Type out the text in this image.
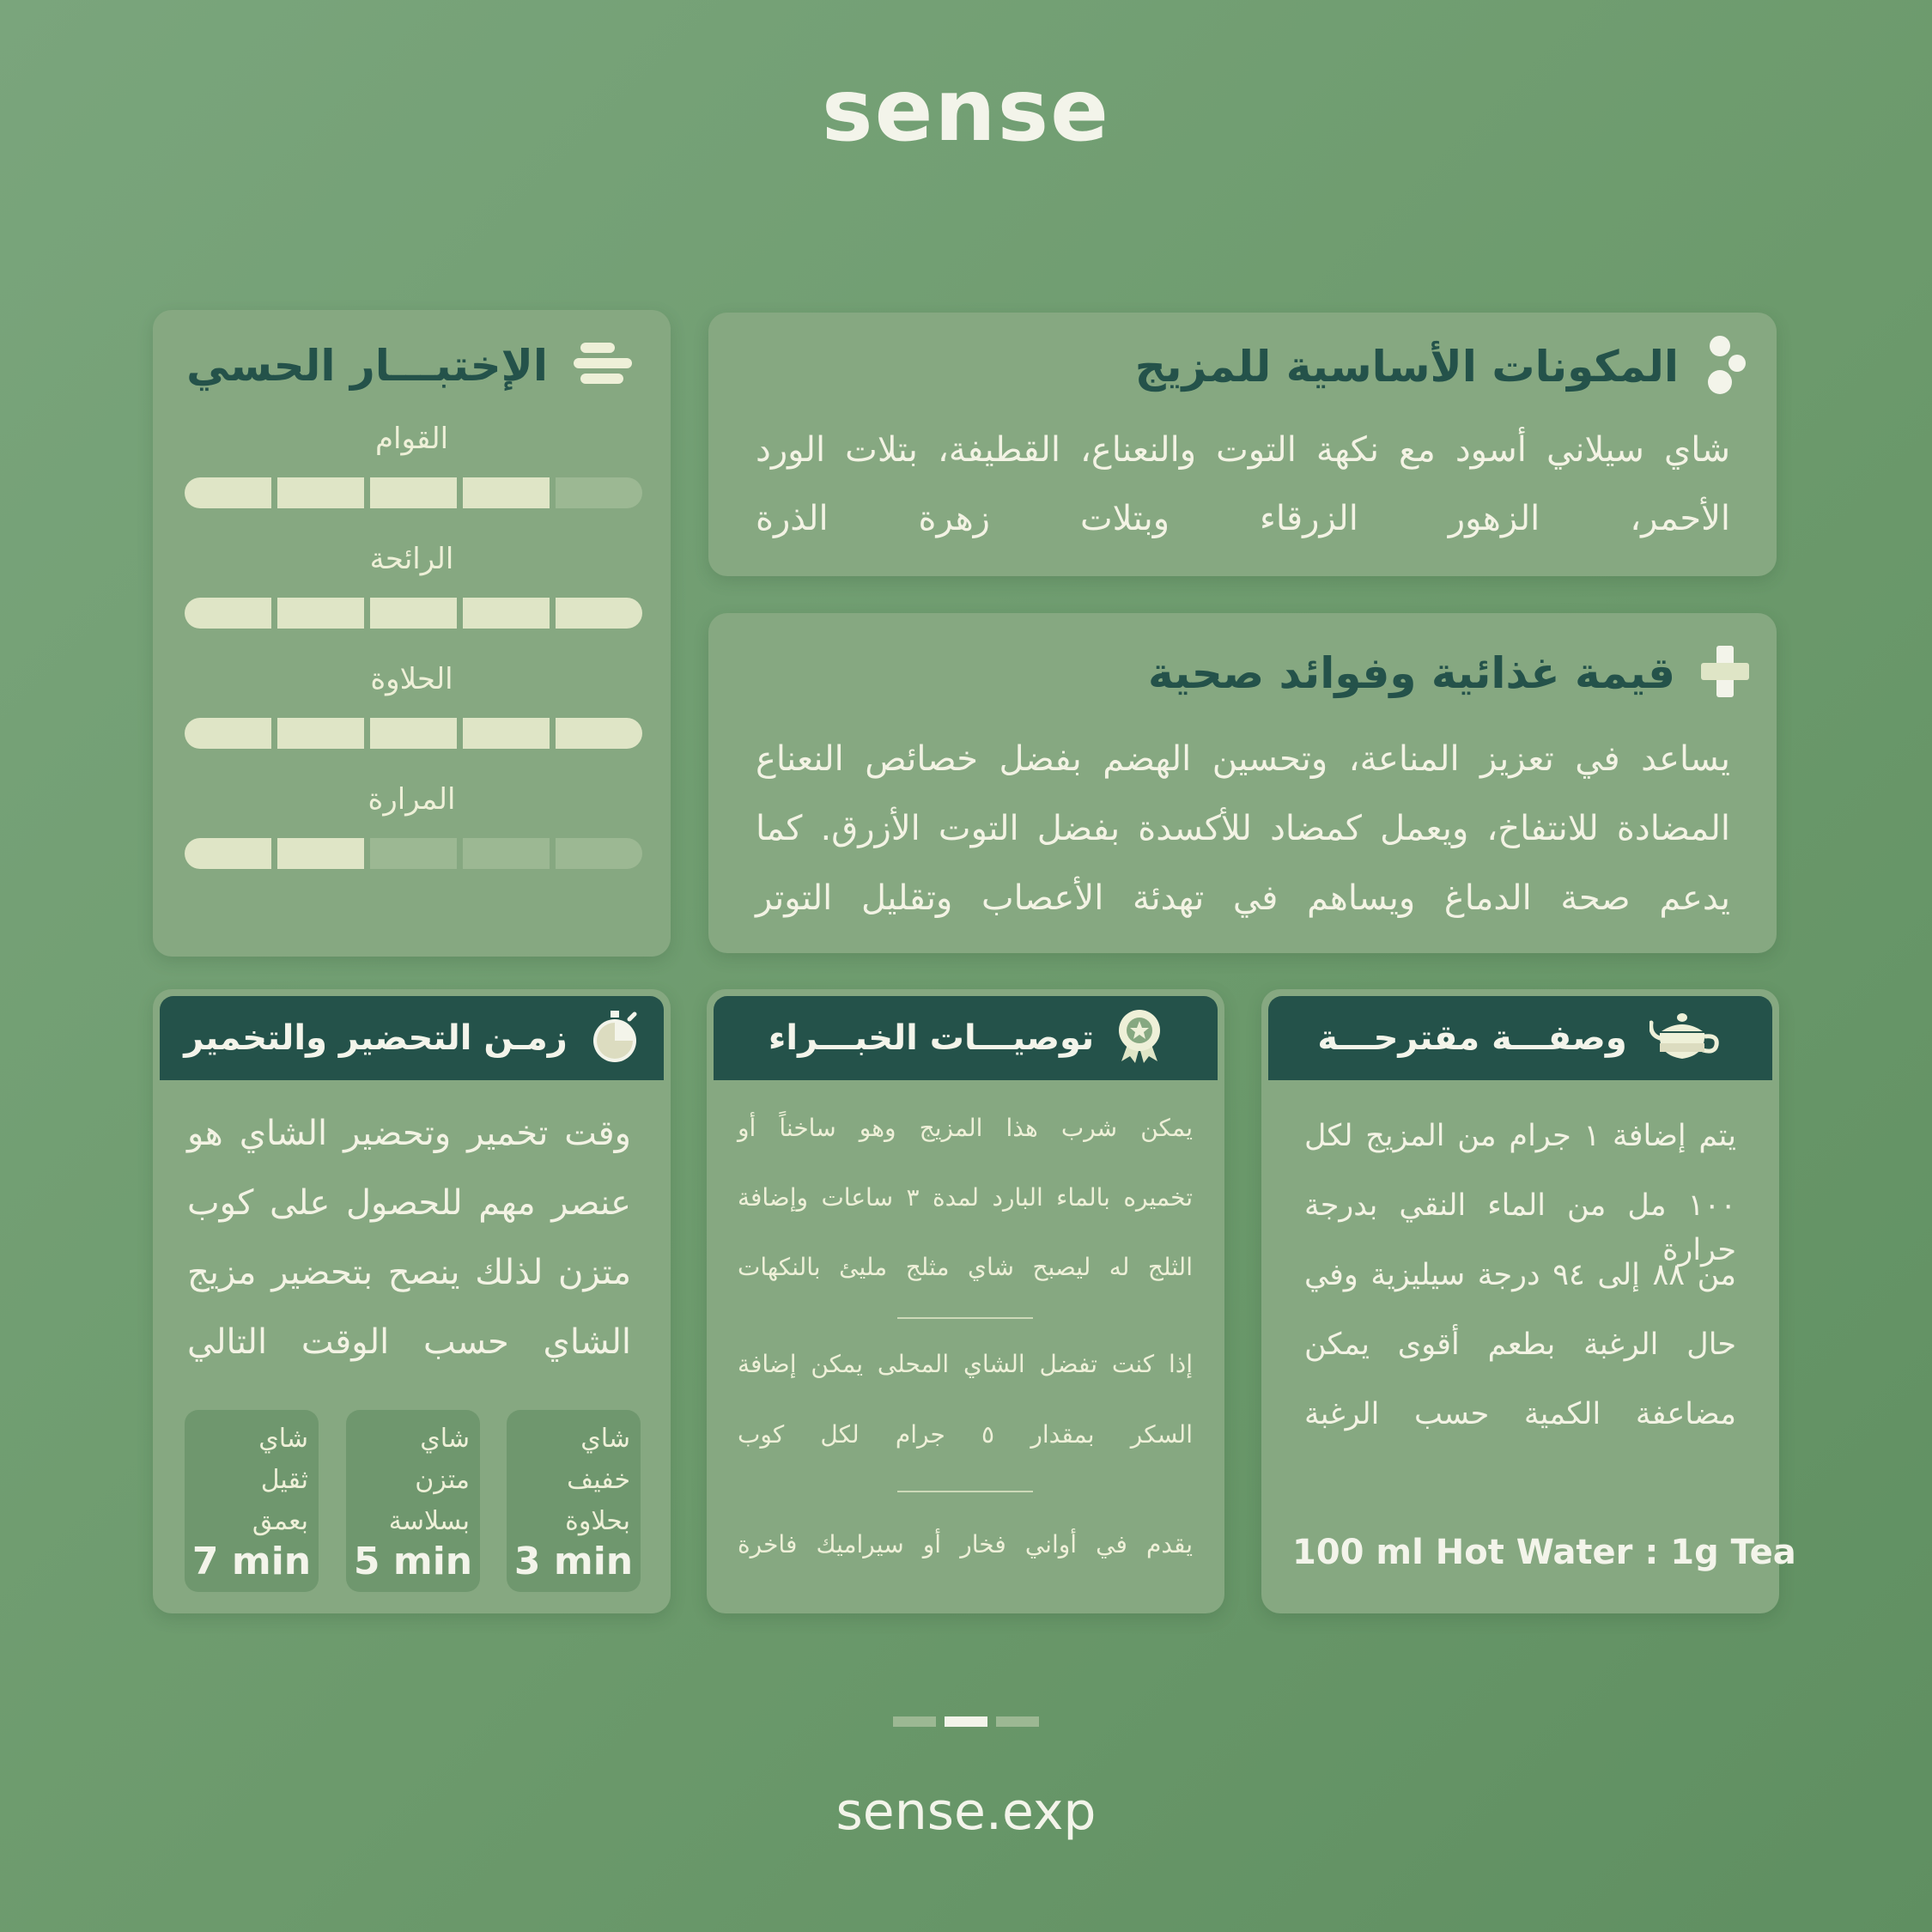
sense
الإختبـــار الحسي
القوام
الرائحة
الحلاوة
المرارة
المكونات الأساسية للمزيج
شاي سيلاني أسود مع نكهة التوت والنعناع، القطيفة، بتلات الورد
الأحمر، الزهور الزرقاء وبتلات زهرة الذرة
قيمة غذائية وفوائد صحية
يساعد في تعزيز المناعة، وتحسين الهضم بفضل خصائص النعناع
المضادة للانتفاخ، ويعمل كمضاد للأكسدة بفضل التوت الأزرق. كما
يدعم صحة الدماغ ويساهم في تهدئة الأعصاب وتقليل التوتر
زمـن التحضير والتخمير
وقت تخمير وتحضير الشاي هو
عنصر مهم للحصول على كوب
متزن لذلك ينصح بتحضير مزيج
الشاي حسب الوقت التالي
شاي
خفيف
بحلاوة
3 min
شاي
متزن
بسلاسة
5 min
شاي
ثقيل
بعمق
7 min
توصيـــات الخبـــراء
يمكن شرب هذا المزيج وهو ساخناً أو
تخميره بالماء البارد لمدة ٣ ساعات وإضافة
الثلج له ليصبح شاي مثلج مليئ بالنكهات
إذا كنت تفضل الشاي المحلى يمكن إضافة
السكر بمقدار ٥ جرام لكل كوب
يقدم في أواني فخار أو سيراميك فاخرة
وصفـــة مقترحـــة
يتم إضافة ١ جرام من المزيج لكل
١٠٠ مل من الماء النقي بدرجة حرارة
من ٨٨ إلى ٩٤ درجة سيليزية وفي
حال الرغبة بطعم أقوى يمكن
مضاعفة الكمية حسب الرغبة
100 ml Hot Water : 1g Tea
sense.exp
